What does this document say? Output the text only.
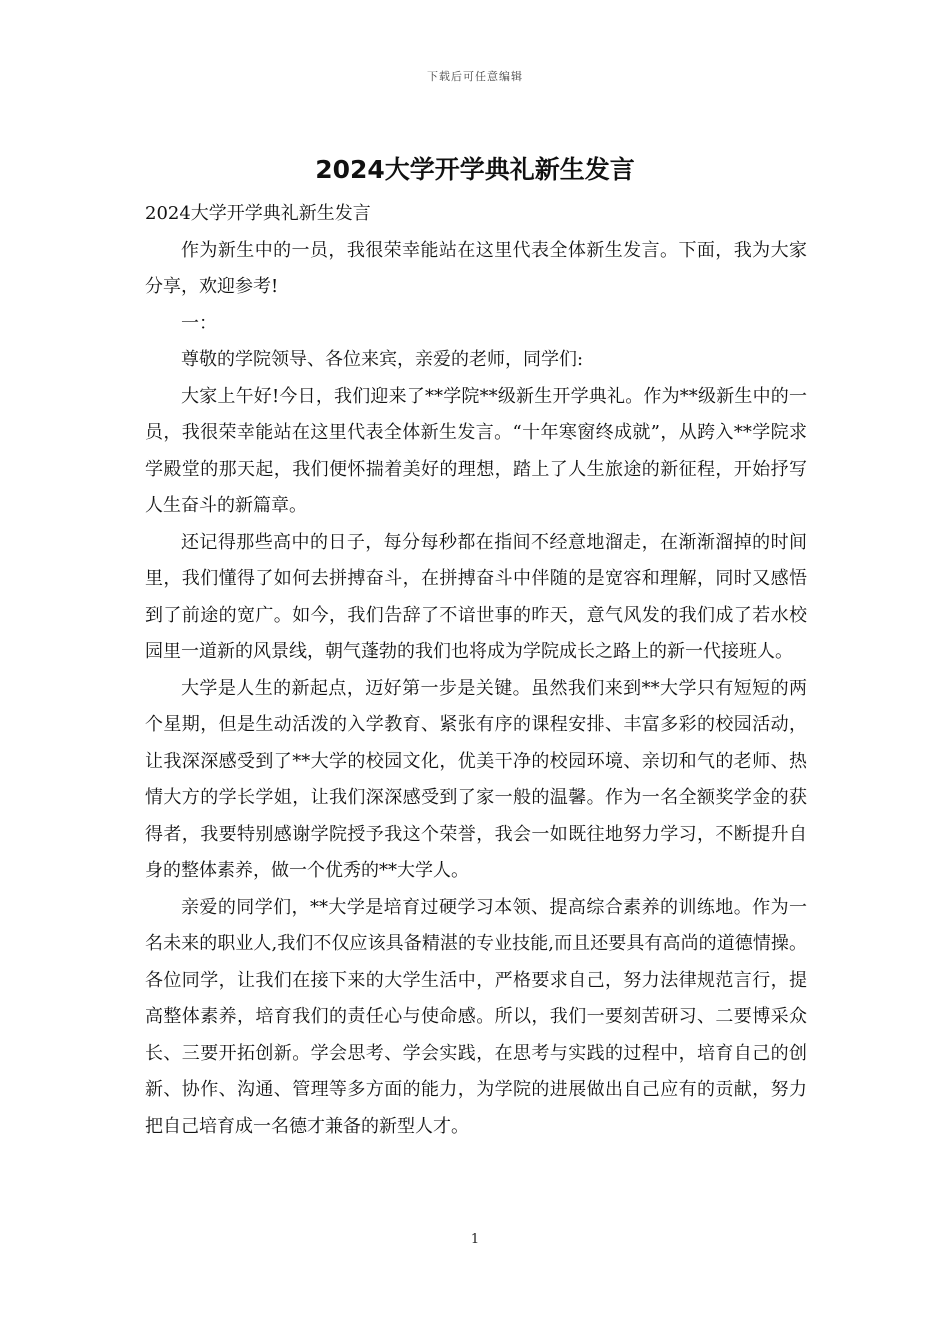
下载后可任意编辑
2024大学开学典礼新生发言

2024大学开学典礼新生发言

作为新生中的一员，我很荣幸能站在这里代表全体新生发言。下面，我为大家分享，欢迎参考!

一：

尊敬的学院领导、各位来宾，亲爱的老师，同学们:

大家上午好!今日，我们迎来了**学院**级新生开学典礼。作为**级新生中的一员，我很荣幸能站在这里代表全体新生发言。“十年寒窗终成就”，从跨入**学院求学殿堂的那天起，我们便怀揣着美好的理想，踏上了人生旅途的新征程，开始抒写人生奋斗的新篇章。

还记得那些高中的日子，每分每秒都在指间不经意地溜走，在渐渐溜掉的时间里，我们懂得了如何去拼搏奋斗，在拼搏奋斗中伴随的是宽容和理解，同时又感悟到了前途的宽广。如今，我们告辞了不谙世事的昨天，意气风发的我们成了若水校园里一道新的风景线，朝气蓬勃的我们也将成为学院成长之路上的新一代接班人。

大学是人生的新起点，迈好第一步是关键。虽然我们来到**大学只有短短的两个星期，但是生动活泼的入学教育、紧张有序的课程安排、丰富多彩的校园活动，让我深深感受到了**大学的校园文化，优美干净的校园环境、亲切和气的老师、热情大方的学长学姐，让我们深深感受到了家一般的温馨。作为一名全额奖学金的获得者，我要特别感谢学院授予我这个荣誉，我会一如既往地努力学习，不断提升自身的整体素养，做一个优秀的**大学人。

亲爱的同学们，**大学是培育过硬学习本领、提高综合素养的训练地。作为一名未来的职业人,我们不仅应该具备精湛的专业技能,而且还要具有高尚的道德情操。各位同学，让我们在接下来的大学生活中，严格要求自己，努力法律规范言行，提高整体素养，培育我们的责任心与使命感。所以，我们一要刻苦研习、二要博采众长、三要开拓创新。学会思考、学会实践，在思考与实践的过程中，培育自己的创新、协作、沟通、管理等多方面的能力，为学院的进展做出自己应有的贡献，努力把自己培育成一名德才兼备的新型人才。

1
